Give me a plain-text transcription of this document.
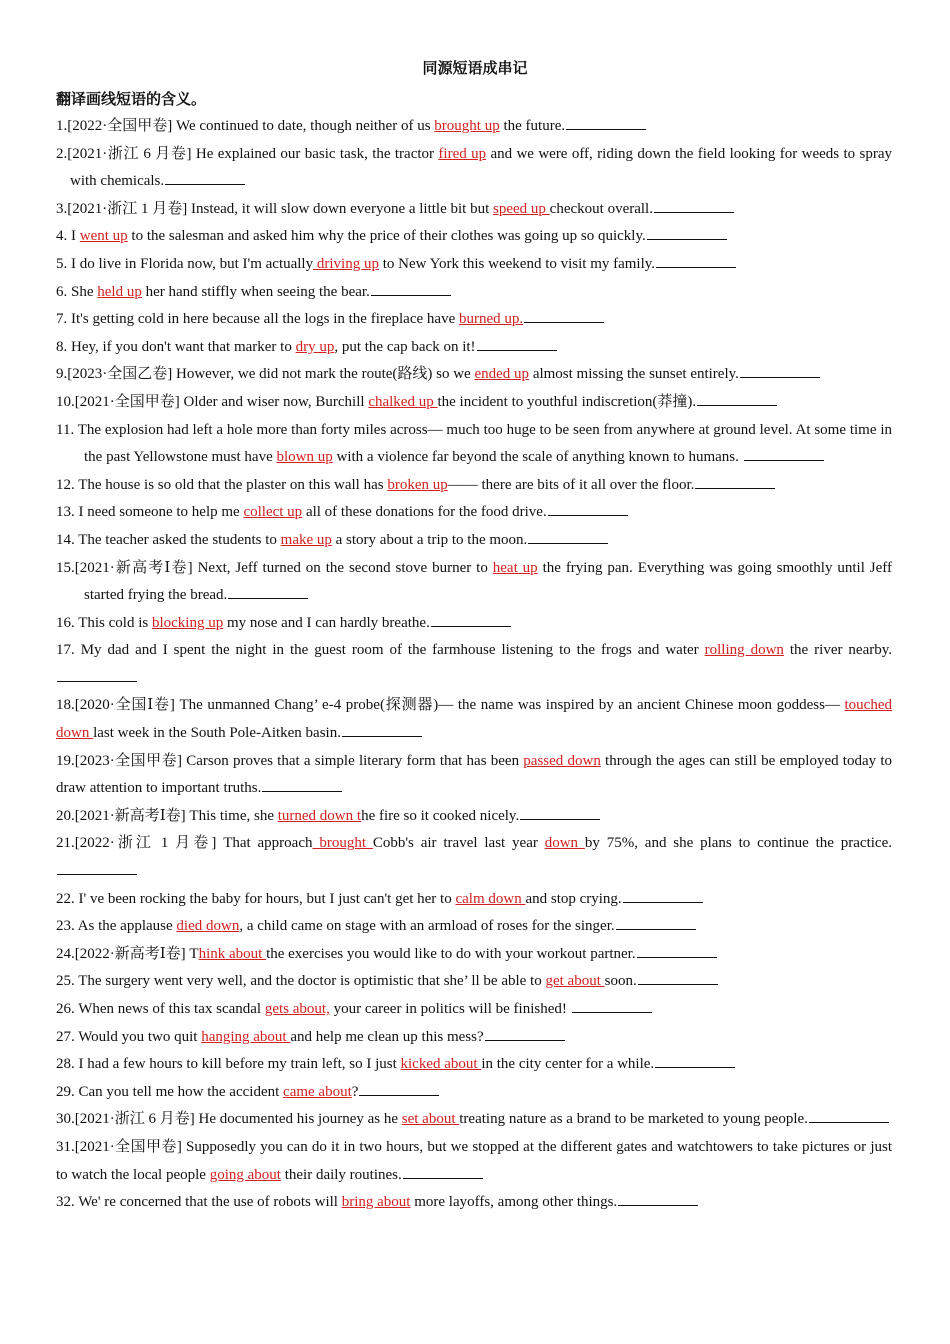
同源短语成串记
翻译画线短语的含义。
1.[2022·全国甲卷] We continued to date, though neither of us brought up the future.
2.[2021·浙江 6 月卷] He explained our basic task, the tractor fired up and we were off, riding down the field looking for weeds to spray with chemicals.
3.[2021·浙江 1 月卷] Instead, it will slow down everyone a little bit but speed up checkout overall.
4. I went up to the salesman and asked him why the price of their clothes was going up so quickly.
5. I do live in Florida now, but I'm actually driving up to New York this weekend to visit my family.
6. She held up her hand stiffly when seeing the bear.
7. It's getting cold in here because all the logs in the fireplace have burned up.
8. Hey, if you don't want that marker to dry up, put the cap back on it!
9.[2023·全国乙卷] However, we did not mark the route(路线) so we ended up almost missing the sunset entirely.
10.[2021·全国甲卷] Older and wiser now, Burchill chalked up the incident to youthful indiscretion(莽撞).
11. The explosion had left a hole more than forty miles across— much too huge to be seen from anywhere at ground level. At some time in the past Yellowstone must have blown up with a violence far beyond the scale of anything known to humans.
12. The house is so old that the plaster on this wall has broken up—— there are bits of it all over the floor.
13. I need someone to help me collect up all of these donations for the food drive.
14. The teacher asked the students to make up a story about a trip to the moon.
15.[2021·新高考Ⅰ卷] Next, Jeff turned on the second stove burner to heat up the frying pan. Everything was going smoothly until Jeff started frying the bread.
16. This cold is blocking up my nose and I can hardly breathe.
17. My dad and I spent the night in the guest room of the farmhouse listening to the frogs and water rolling down the river nearby.
18.[2020·全国Ⅰ卷] The unmanned Chang’ e-4 probe(探测器)— the name was inspired by an ancient Chinese moon goddess— touched down last week in the South Pole-Aitken basin.
19.[2023·全国甲卷] Carson proves that a simple literary form that has been passed down through the ages can still be employed today to draw attention to important truths.
20.[2021·新高考Ⅰ卷] This time, she turned down the fire so it cooked nicely.
21.[2022·浙江 1 月卷] That approach brought Cobb's air travel last year down by 75%, and she plans to continue the practice.
22. I' ve been rocking the baby for hours, but I just can't get her to calm down and stop crying.
23. As the applause died down, a child came on stage with an armload of roses for the singer.
24.[2022·新高考Ⅰ卷] Think about the exercises you would like to do with your workout partner.
25. The surgery went very well, and the doctor is optimistic that she’ ll be able to get about soon.
26. When news of this tax scandal gets about, your career in politics will be finished!
27. Would you two quit hanging about and help me clean up this mess?
28. I had a few hours to kill before my train left, so I just kicked about in the city center for a while.
29. Can you tell me how the accident came about?
30.[2021·浙江 6 月卷] He documented his journey as he set about treating nature as a brand to be marketed to young people.
31.[2021·全国甲卷] Supposedly you can do it in two hours, but we stopped at the different gates and watchtowers to take pictures or just to watch the local people going about their daily routines.
32. We' re concerned that the use of robots will bring about more layoffs, among other things.
